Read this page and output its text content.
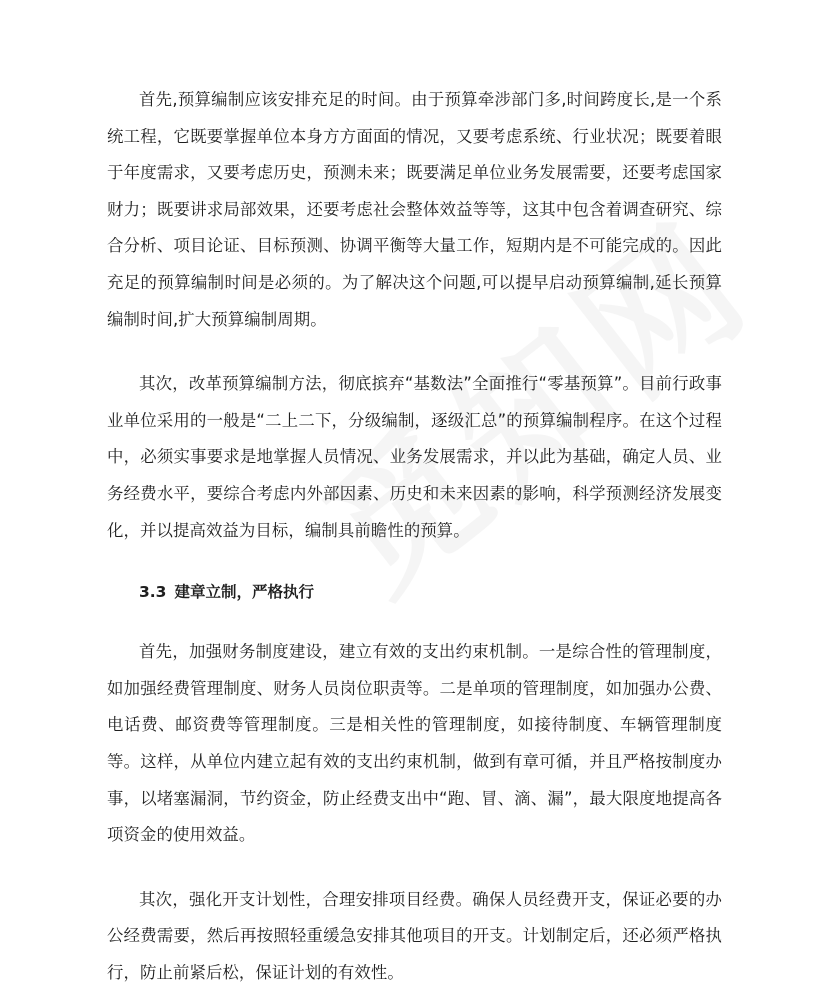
首先,预算编制应该安排充足的时间。由于预算牵涉部门多,时间跨度长,是一个系统工程，它既要掌握单位本身方方面面的情况，又要考虑系统、行业状况；既要着眼于年度需求，又要考虑历史，预测未来；既要满足单位业务发展需要，还要考虑国家财力；既要讲求局部效果，还要考虑社会整体效益等等，这其中包含着调查研究、综合分析、项目论证、目标预测、协调平衡等大量工作，短期内是不可能完成的。因此充足的预算编制时间是必须的。为了解决这个问题,可以提早启动预算编制,延长预算编制时间,扩大预算编制周期。

其次，改革预算编制方法，彻底摈弃“基数法”全面推行“零基预算”。目前行政事业单位采用的一般是“二上二下，分级编制，逐级汇总”的预算编制程序。在这个过程中，必须实事要求是地掌握人员情况、业务发展需求，并以此为基础，确定人员、业务经费水平，要综合考虑内外部因素、历史和未来因素的影响，科学预测经济发展变化，并以提高效益为目标，编制具前瞻性的预算。

3.3 建章立制，严格执行

首先，加强财务制度建设，建立有效的支出约束机制。一是综合性的管理制度，如加强经费管理制度、财务人员岗位职责等。二是单项的管理制度，如加强办公费、电话费、邮资费等管理制度。三是相关性的管理制度，如接待制度、车辆管理制度等。这样，从单位内建立起有效的支出约束机制，做到有章可循，并且严格按制度办事，以堵塞漏洞，节约资金，防止经费支出中“跑、冒、滴、漏”，最大限度地提高各项资金的使用效益。

其次，强化开支计划性，合理安排项目经费。确保人员经费开支，保证必要的办公经费需要，然后再按照轻重缓急安排其他项目的开支。计划制定后，还必须严格执行，防止前紧后松，保证计划的有效性。
